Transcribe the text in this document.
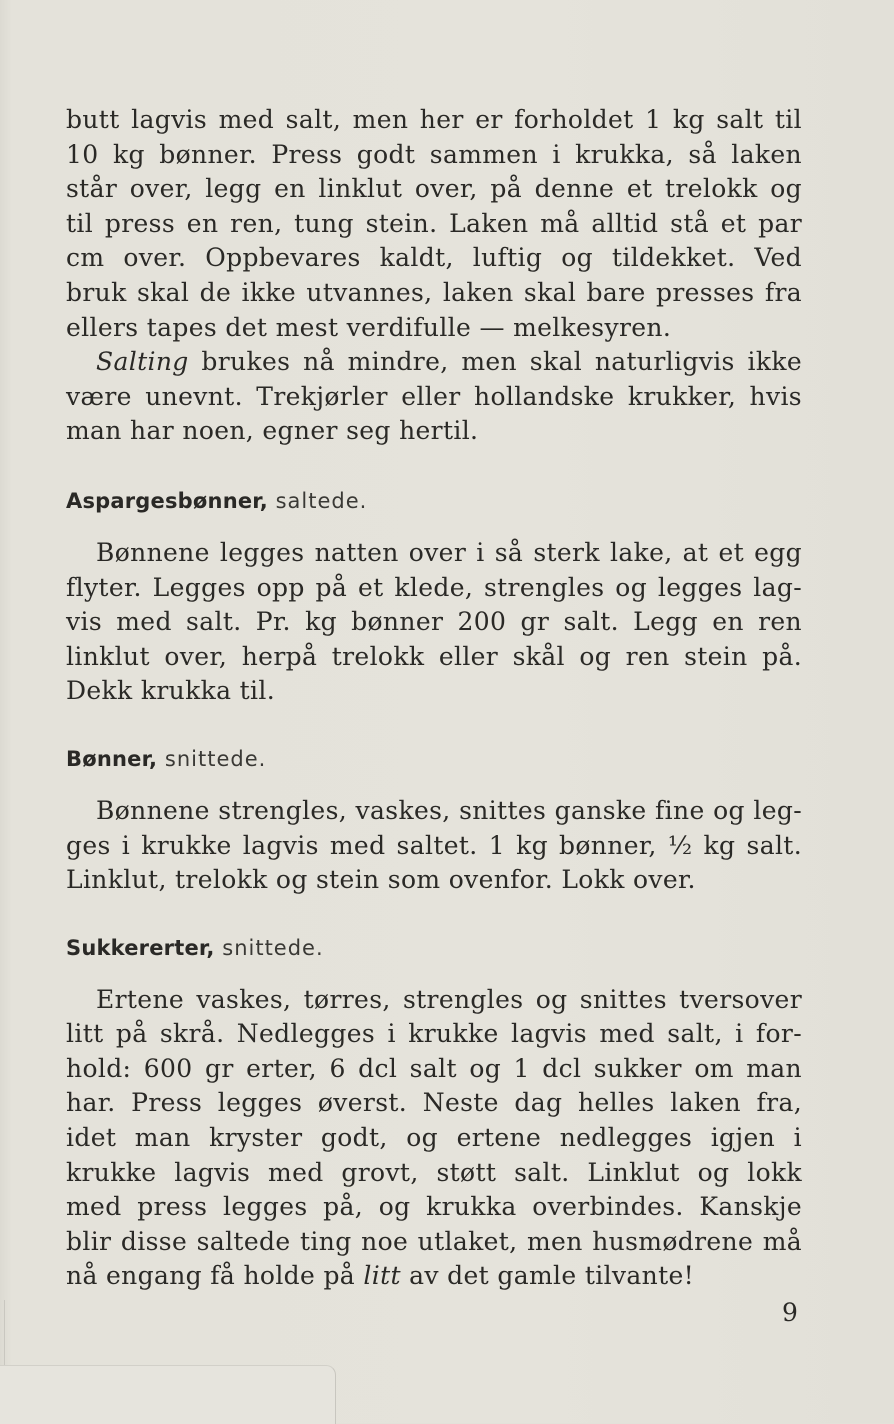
butt lagvis med salt, men her er forholdet 1 kg salt til
10 kg bønner. Press godt sammen i krukka, så laken
står over, legg en linklut over, på denne et trelokk og
til press en ren, tung stein. Laken må alltid stå et par
cm over. Oppbevares kaldt, luftig og tildekket. Ved
bruk skal de ikke utvannes, laken skal bare presses fra
ellers tapes det mest verdifulle — melkesyren.

Salting brukes nå mindre, men skal naturligvis ikke
være unevnt. Trekjørler eller hollandske krukker, hvis
man har noen, egner seg hertil.

Aspargesbønner, saltede.

Bønnene legges natten over i så sterk lake, at et egg
flyter. Legges opp på et klede, strengles og legges lag-
vis med salt. Pr. kg bønner 200 gr salt. Legg en ren
linklut over, herpå trelokk eller skål og ren stein på.
Dekk krukka til.

Bønner, snittede.

Bønnene strengles, vaskes, snittes ganske fine og leg-
ges i krukke lagvis med saltet. 1 kg bønner, ½ kg salt.
Linklut, trelokk og stein som ovenfor. Lokk over.

Sukkererter, snittede.

Ertene vaskes, tørres, strengles og snittes tversover
litt på skrå. Nedlegges i krukke lagvis med salt, i for-
hold: 600 gr erter, 6 dcl salt og 1 dcl sukker om man
har. Press legges øverst. Neste dag helles laken fra,
idet man kryster godt, og ertene nedlegges igjen i
krukke lagvis med grovt, støtt salt. Linklut og lokk
med press legges på, og krukka overbindes. Kanskje
blir disse saltede ting noe utlaket, men husmødrene må
nå engang få holde på litt av det gamle tilvante!

9
